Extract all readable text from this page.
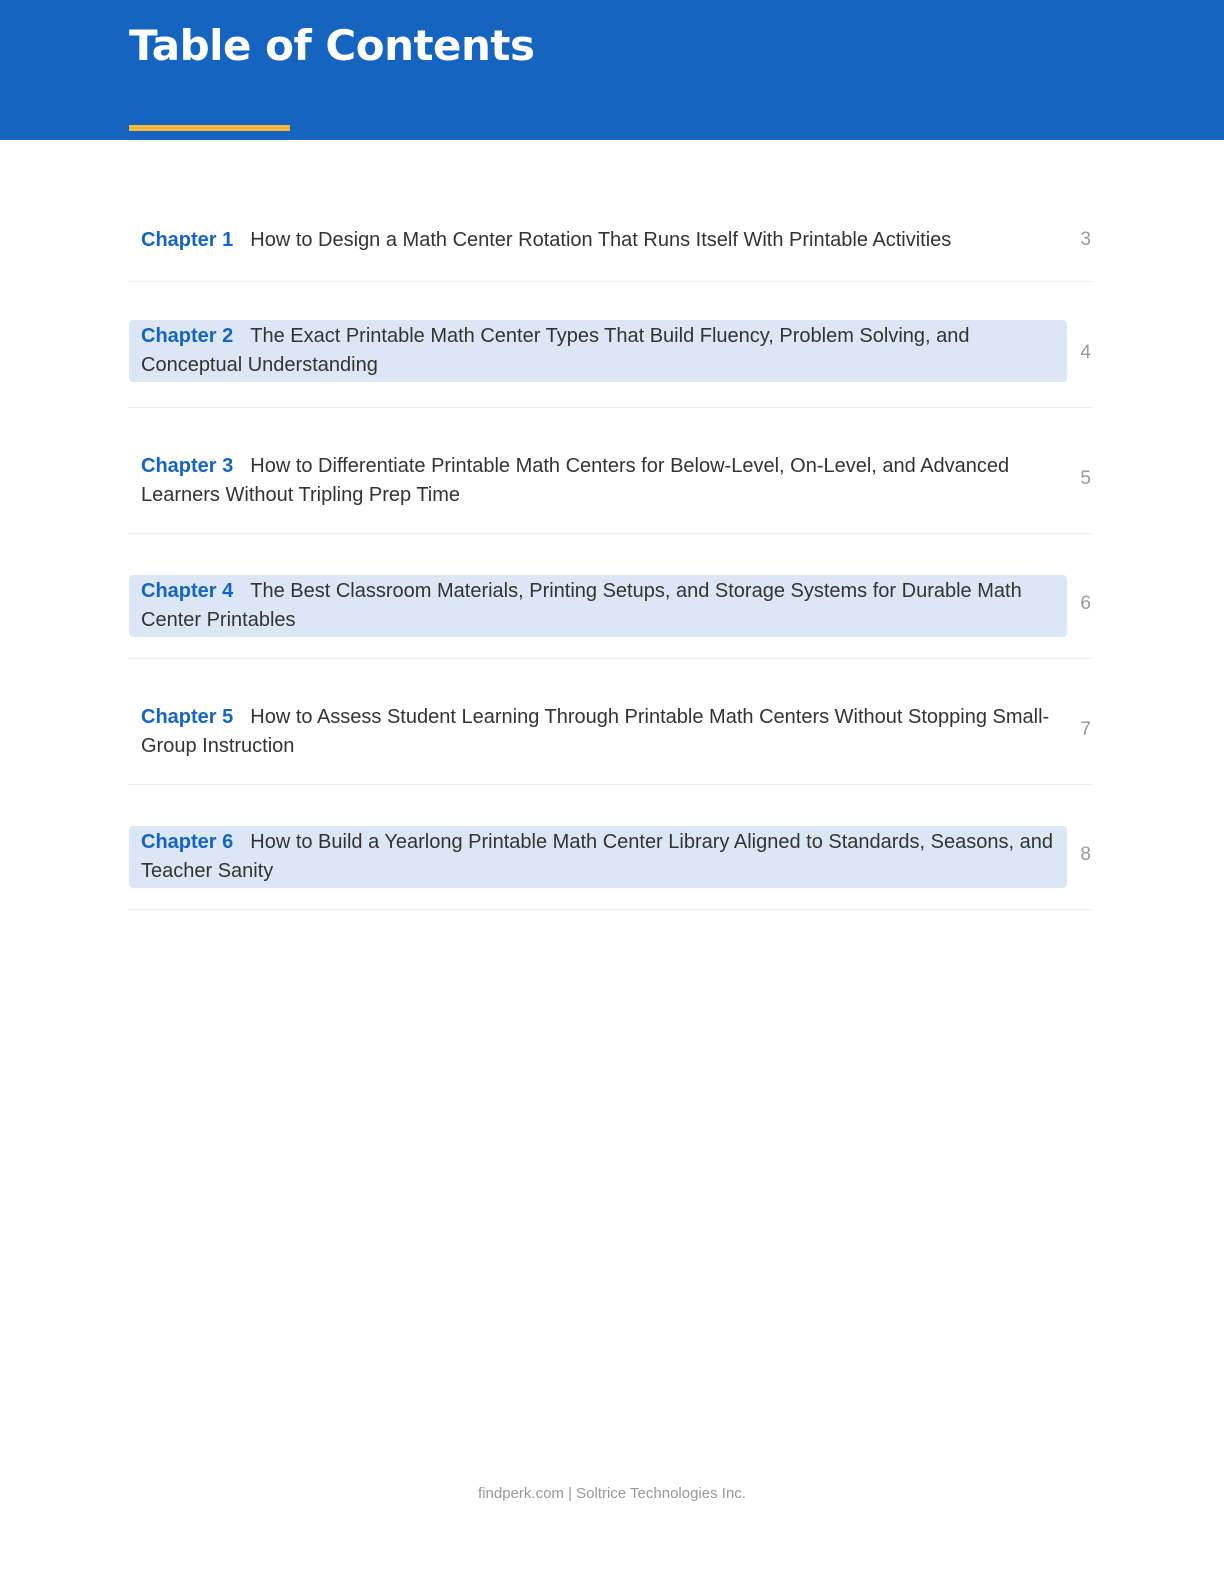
Table of Contents
Chapter 1 How to Design a Math Center Rotation That Runs Itself With Printable Activities	3
Chapter 2 The Exact Printable Math Center Types That Build Fluency, Problem Solving, and Conceptual Understanding
4
Chapter 3 How to Differentiate Printable Math Centers for Below-Level, On-Level, and Advanced Learners Without Tripling Prep Time
5
Chapter 4 The Best Classroom Materials, Printing Setups, and Storage Systems for Durable Math Center Printables
6
Chapter 5 How to Assess Student Learning Through Printable Math Centers Without Stopping Small-Group Instruction
7
Chapter 6 How to Build a Yearlong Printable Math Center Library Aligned to Standards, Seasons, and Teacher Sanity
8
findperk.com | Soltrice Technologies Inc.
